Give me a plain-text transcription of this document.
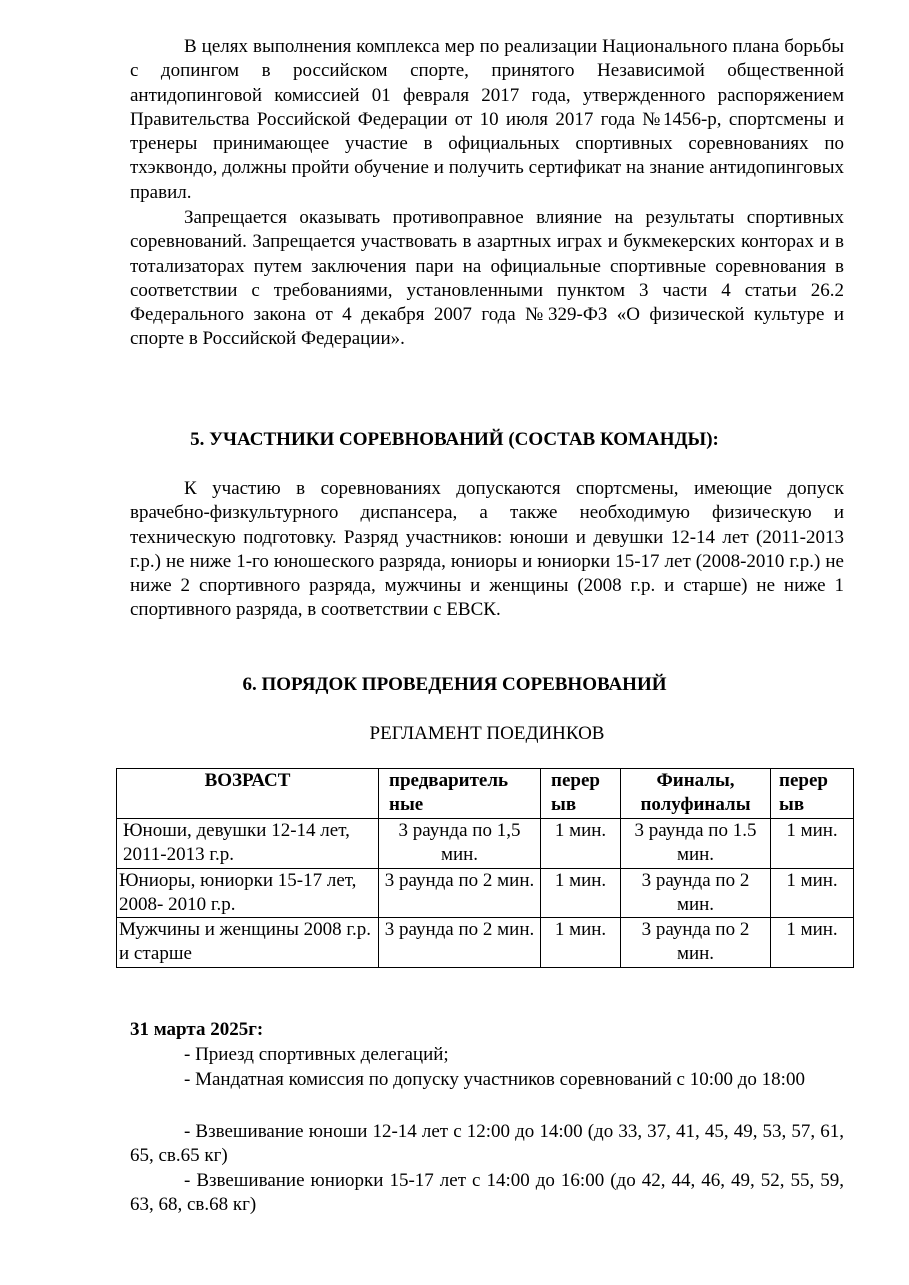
В целях выполнения комплекса мер по реализации Национального плана борьбы с допингом в российском спорте, принятого Независимой общественной антидопинговой комиссией 01 февраля 2017 года, утвержденного распоряжением Правительства Российской Федерации от 10 июля 2017 года №1456-р, спортсмены и тренеры принимающее участие в официальных спортивных соревнованиях по тхэквондо, должны пройти обучение и получить сертификат на знание антидопинговых правил.

Запрещается оказывать противоправное влияние на результаты спортивных соревнований. Запрещается участвовать в азартных играх и букмекерских конторах и в тотализаторах путем заключения пари на официальные спортивные соревнования в соответствии с требованиями, установленными пунктом 3 части 4 статьи 26.2 Федерального закона от 4 декабря 2007 года №329-ФЗ «О физической культуре и спорте в Российской Федерации».

5. УЧАСТНИКИ СОРЕВНОВАНИЙ (СОСТАВ КОМАНДЫ):

К участию в соревнованиях допускаются спортсмены, имеющие допуск врачебно-физкультурного диспансера, а также необходимую физическую и техническую подготовку. Разряд участников: юноши и девушки 12-14 лет (2011-2013 г.р.) не ниже 1-го юношеского разряда, юниоры и юниорки 15-17 лет (2008-2010 г.р.) не ниже 2 спортивного разряда, мужчины и женщины (2008 г.р. и старше) не ниже 1 спортивного разряда, в соответствии с ЕВСК.

6. ПОРЯДОК ПРОВЕДЕНИЯ СОРЕВНОВАНИЙ

РЕГЛАМЕНТ ПОЕДИНКОВ

ВОЗРАСТ	предваритель ные	перер ыв	Финалы, полуфиналы	перер ыв
Юноши, девушки 12-14 лет, 2011-2013 г.р.	3 раунда по 1,5 мин.	1 мин.	3 раунда по 1.5 мин.	1 мин.
Юниоры, юниорки 15-17 лет, 2008- 2010 г.р.	3 раунда по 2 мин.	1 мин.	3 раунда по 2 мин.	1 мин.
Мужчины и женщины 2008 г.р. и старше	3 раунда по 2 мин.	1 мин.	3 раунда по 2 мин.	1 мин.

31 марта 2025г:

- Приезд спортивных делегаций;

- Мандатная комиссия по допуску участников соревнований с 10:00 до 18:00

- Взвешивание юноши 12-14 лет с 12:00 до 14:00 (до 33, 37, 41, 45, 49, 53, 57, 61, 65, св.65 кг)

- Взвешивание юниорки 15-17 лет с 14:00 до 16:00 (до 42, 44, 46, 49, 52, 55, 59, 63, 68, св.68 кг)
